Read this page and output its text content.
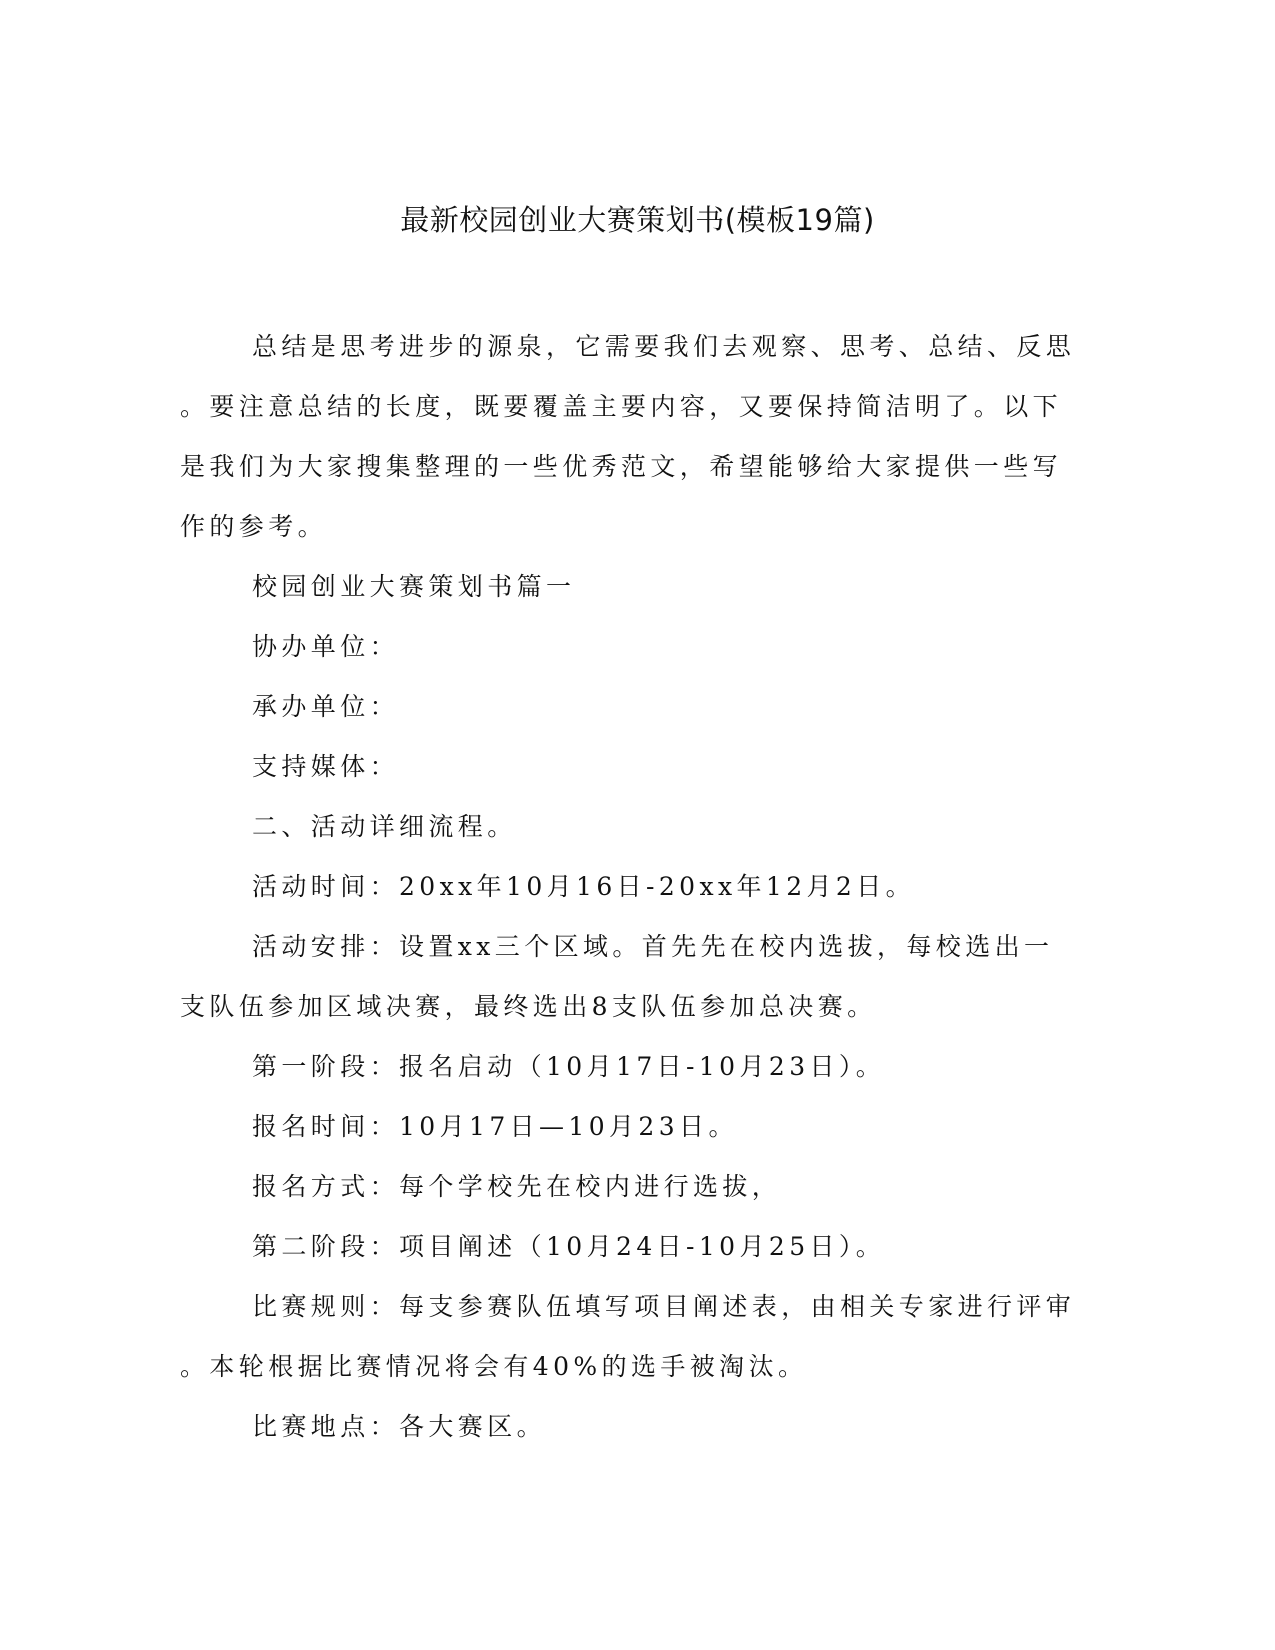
最新校园创业大赛策划书(模板19篇)

总结是思考进步的源泉，它需要我们去观察、思考、总结、反思

。要注意总结的长度，既要覆盖主要内容，又要保持简洁明了。以下

是我们为大家搜集整理的一些优秀范文，希望能够给大家提供一些写

作的参考。

校园创业大赛策划书篇一

协办单位：

承办单位：

支持媒体：

二、活动详细流程。

活动时间：20xx年10月16日-20xx年12月2日。

活动安排：设置xx三个区域。首先先在校内选拔，每校选出一

支队伍参加区域决赛，最终选出8支队伍参加总决赛。

第一阶段：报名启动（10月17日-10月23日）。

报名时间：10月17日—10月23日。

报名方式：每个学校先在校内进行选拔，

第二阶段：项目阐述（10月24日-10月25日）。

比赛规则：每支参赛队伍填写项目阐述表，由相关专家进行评审

。本轮根据比赛情况将会有40%的选手被淘汰。

比赛地点：各大赛区。
